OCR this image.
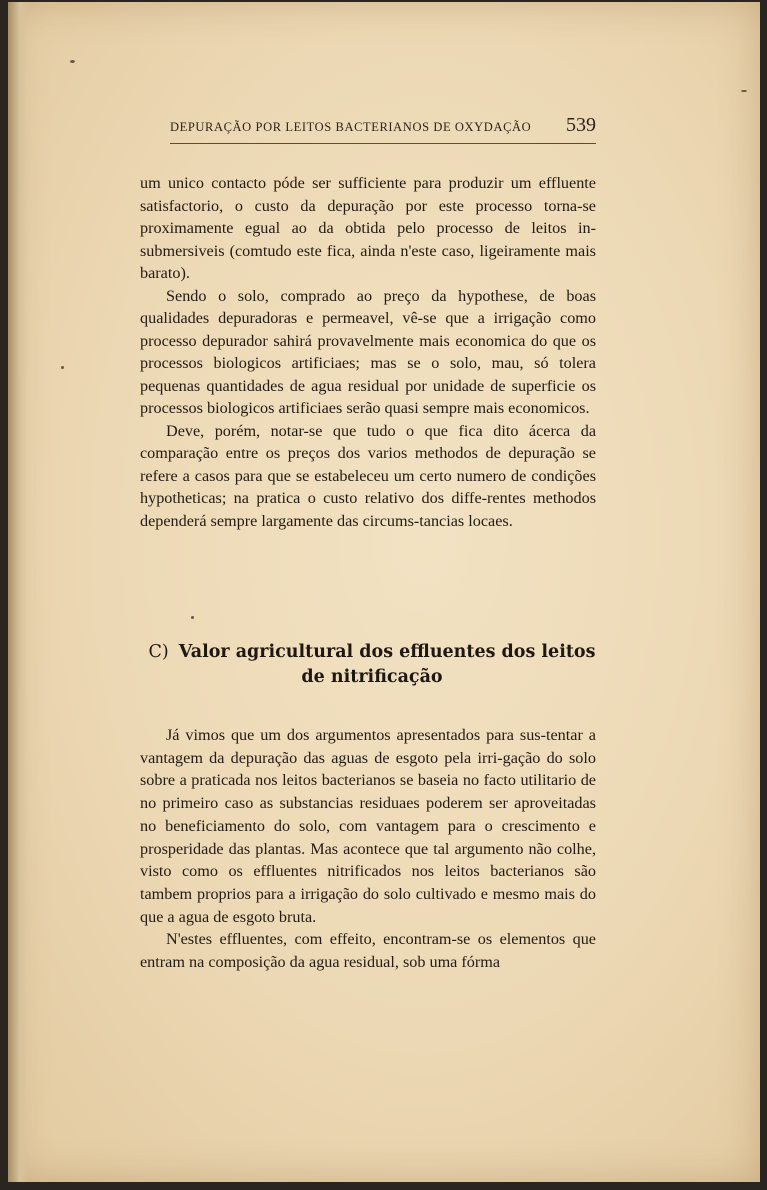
DEPURAÇÃO POR LEITOS BACTERIANOS DE OXYDAÇÃO 539

um unico contacto póde ser sufficiente para produzir um effluente satisfactorio, o custo da depuração por este processo torna-se proximamente egual ao da obtida pelo processo de leitos in-submersiveis (comtudo este fica, ainda n'este caso, ligeiramente mais barato).

Sendo o solo, comprado ao preço da hypothese, de boas qualidades depuradoras e permeavel, vê-se que a irrigação como processo depurador sahirá provavelmente mais economica do que os processos biologicos artificiaes; mas se o solo, mau, só tolera pequenas quantidades de agua residual por unidade de superficie os processos biologicos artificiaes serão quasi sempre mais economicos.

Deve, porém, notar-se que tudo o que fica dito ácerca da comparação entre os preços dos varios methodos de depuração se refere a casos para que se estabeleceu um certo numero de condições hypotheticas; na pratica o custo relativo dos diffe-rentes methodos dependerá sempre largamente das circums-tancias locaes.

C) Valor agricultural dos effluentes dos leitos
de nitrificação

Já vimos que um dos argumentos apresentados para sus-tentar a vantagem da depuração das aguas de esgoto pela irri-gação do solo sobre a praticada nos leitos bacterianos se baseia no facto utilitario de no primeiro caso as substancias residuaes poderem ser aproveitadas no beneficiamento do solo, com vantagem para o crescimento e prosperidade das plantas. Mas acontece que tal argumento não colhe, visto como os effluentes nitrificados nos leitos bacterianos são tambem proprios para a irrigação do solo cultivado e mesmo mais do que a agua de esgoto bruta.

N'estes effluentes, com effeito, encontram-se os elementos que entram na composição da agua residual, sob uma fórma
